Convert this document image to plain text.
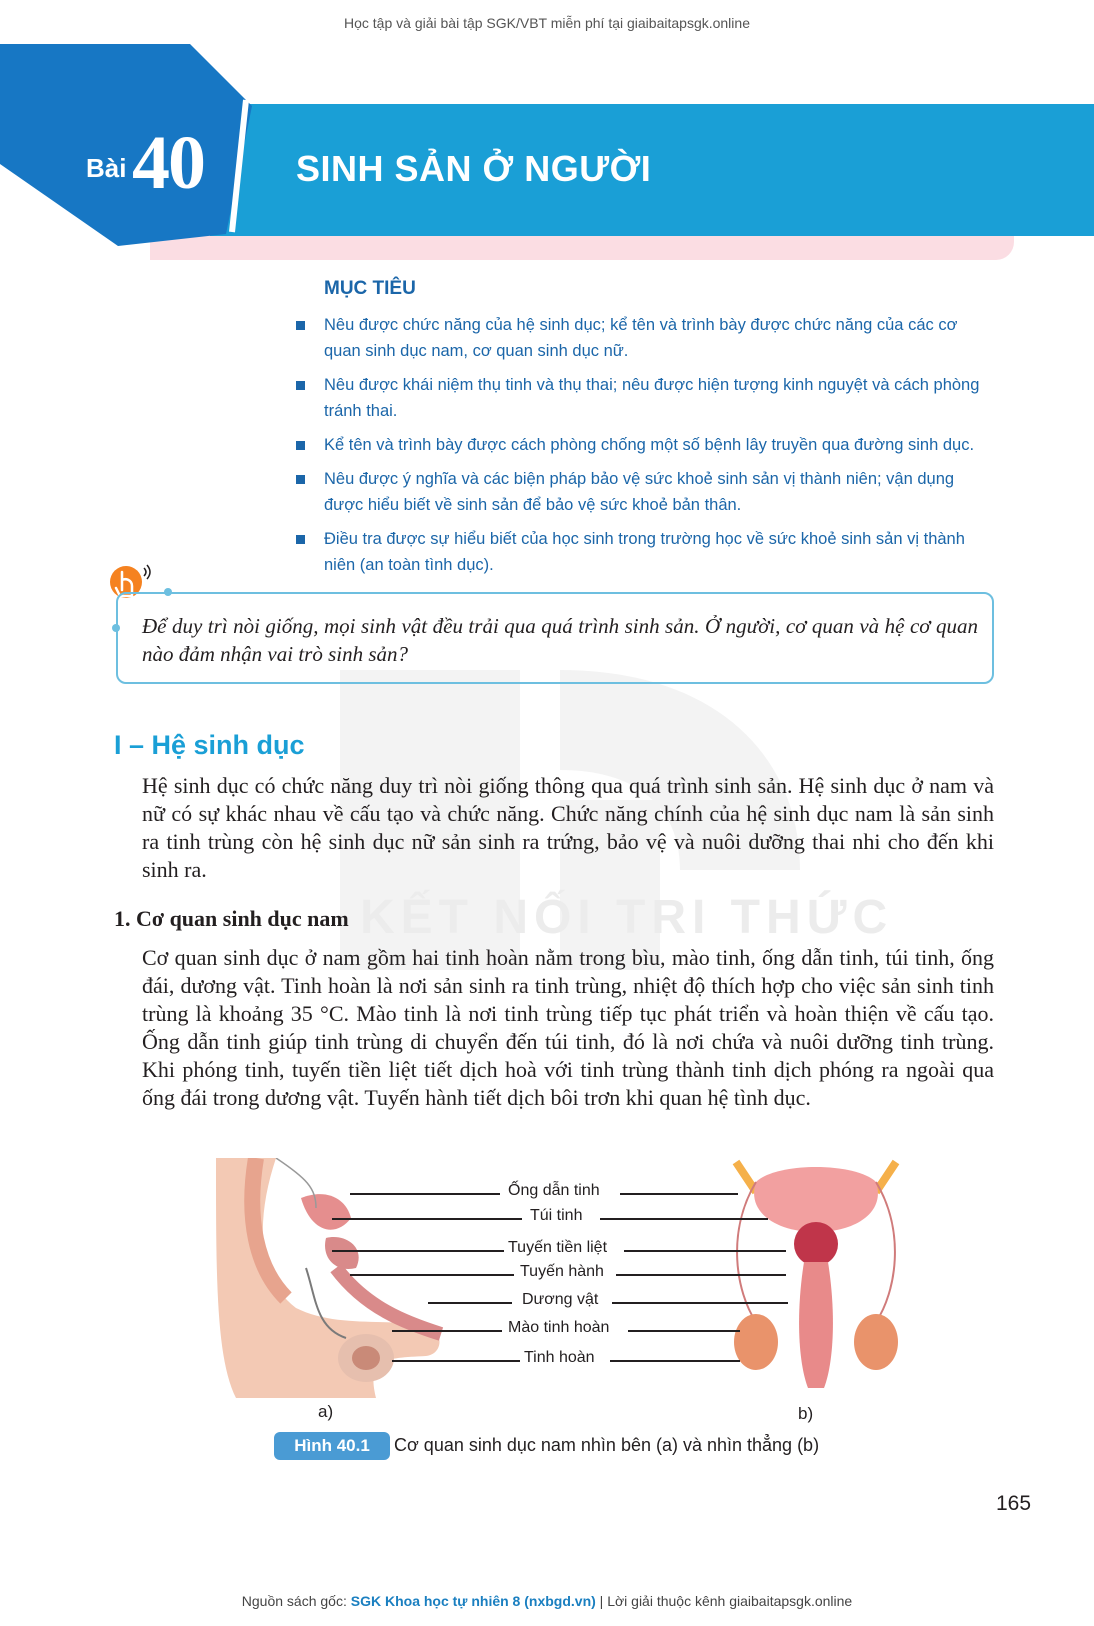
Học tập và giải bài tập SGK/VBT miễn phí tại giaibaitapsgk.online
Bài 40	SINH SẢN Ở NGƯỜI
MỤC TIÊU
Nêu được chức năng của hệ sinh dục; kể tên và trình bày được chức năng của các cơ quan sinh dục nam, cơ quan sinh dục nữ.
Nêu được khái niệm thụ tinh và thụ thai; nêu được hiện tượng kinh nguyệt và cách phòng tránh thai.
Kể tên và trình bày được cách phòng chống một số bệnh lây truyền qua đường sinh dục.
Nêu được ý nghĩa và các biện pháp bảo vệ sức khoẻ sinh sản vị thành niên; vận dụng được hiểu biết về sinh sản để bảo vệ sức khoẻ bản thân.
Điều tra được sự hiểu biết của học sinh trong trường học về sức khoẻ sinh sản vị thành niên (an toàn tình dục).
KẾT NỐI TRI THỨC
Để duy trì nòi giống, mọi sinh vật đều trải qua quá trình sinh sản. Ở người, cơ quan và hệ cơ quan nào đảm nhận vai trò sinh sản?
I – Hệ sinh dục

Hệ sinh dục có chức năng duy trì nòi giống thông qua quá trình sinh sản. Hệ sinh dục ở nam và nữ có sự khác nhau về cấu tạo và chức năng. Chức năng chính của hệ sinh dục nam là sản sinh ra tinh trùng còn hệ sinh dục nữ sản sinh ra trứng, bảo vệ và nuôi dưỡng thai nhi cho đến khi sinh ra.

1. Cơ quan sinh dục nam

Cơ quan sinh dục ở nam gồm hai tinh hoàn nằm trong bìu, mào tinh, ống dẫn tinh, túi tinh, ống đái, dương vật. Tinh hoàn là nơi sản sinh ra tinh trùng, nhiệt độ thích hợp cho việc sản sinh tinh trùng là khoảng 35 °C. Mào tinh là nơi tinh trùng tiếp tục phát triển và hoàn thiện về cấu tạo. Ống dẫn tinh giúp tinh trùng di chuyển đến túi tinh, đó là nơi chứa và nuôi dưỡng tinh trùng. Khi phóng tinh, tuyến tiền liệt tiết dịch hoà với tinh trùng thành tinh dịch phóng ra ngoài qua ống đái trong dương vật. Tuyến hành tiết dịch bôi trơn khi quan hệ tình dục.

Ống dẫn tinh
Túi tinh
Tuyến tiền liệt
Tuyến hành
Dương vật
Mào tinh hoàn
Tinh hoàn
a)	b)
Hình 40.1	Cơ quan sinh dục nam nhìn bên (a) và nhìn thẳng (b)
165
Nguồn sách gốc: SGK Khoa học tự nhiên 8 (nxbgd.vn) | Lời giải thuộc kênh giaibaitapsgk.online
